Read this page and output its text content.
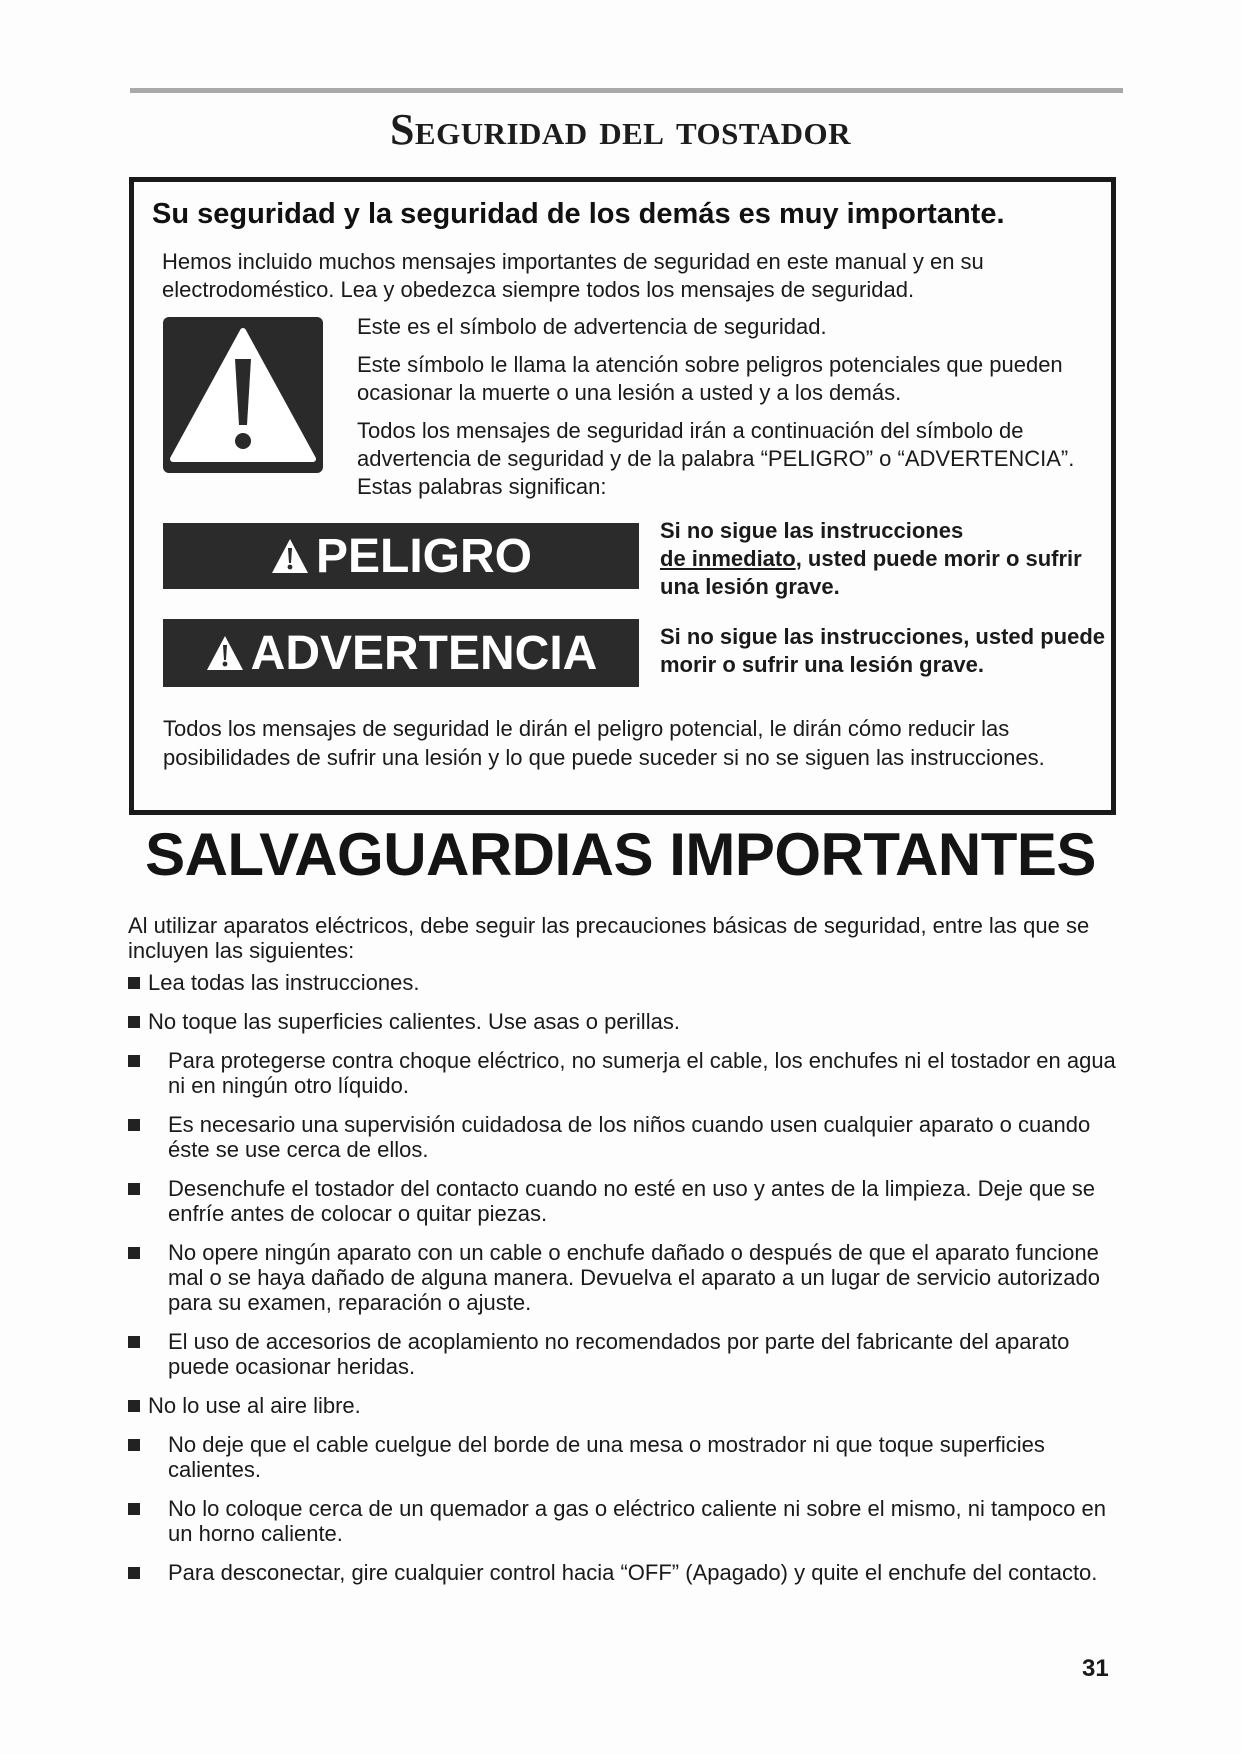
Seguridad del tostador
Su seguridad y la seguridad de los demás es muy importante.
Hemos incluido muchos mensajes importantes de seguridad en este manual y en su electrodoméstico. Lea y obedezca siempre todos los mensajes de seguridad.

Este es el símbolo de advertencia de seguridad.

Este símbolo le llama la atención sobre peligros potenciales que pueden ocasionar la muerte o una lesión a usted y a los demás.

Todos los mensajes de seguridad irán a continuación del símbolo de advertencia de seguridad y de la palabra “PELIGRO” o “ADVERTENCIA”. Estas palabras significan:

PELIGRO	Si no sigue las instrucciones
de inmediato, usted puede morir o sufrir una lesión grave.
ADVERTENCIA	Si no sigue las instrucciones, usted puede morir o sufrir una lesión grave.
Todos los mensajes de seguridad le dirán el peligro potencial, le dirán cómo reducir las posibilidades de sufrir una lesión y lo que puede suceder si no se siguen las instrucciones.
SALVAGUARDIAS IMPORTANTES
Al utilizar aparatos eléctricos, debe seguir las precauciones básicas de seguridad, entre las que se incluyen las siguientes:
Lea todas las instrucciones.
No toque las superficies calientes. Use asas o perillas.
Para protegerse contra choque eléctrico, no sumerja el cable, los enchufes ni el tostador en agua ni en ningún otro líquido.
Es necesario una supervisión cuidadosa de los niños cuando usen cualquier aparato o cuando éste se use cerca de ellos.
Desenchufe el tostador del contacto cuando no esté en uso y antes de la limpieza. Deje que se enfríe antes de colocar o quitar piezas.
No opere ningún aparato con un cable o enchufe dañado o después de que el aparato funcione mal o se haya dañado de alguna manera. Devuelva el aparato a un lugar de servicio autorizado para su examen, reparación o ajuste.
El uso de accesorios de acoplamiento no recomendados por parte del fabricante del aparato puede ocasionar heridas.
No lo use al aire libre.
No deje que el cable cuelgue del borde de una mesa o mostrador ni que toque superficies calientes.
No lo coloque cerca de un quemador a gas o eléctrico caliente ni sobre el mismo, ni tampoco en un horno caliente.
Para desconectar, gire cualquier control hacia “OFF” (Apagado) y quite el enchufe del contacto.
31
